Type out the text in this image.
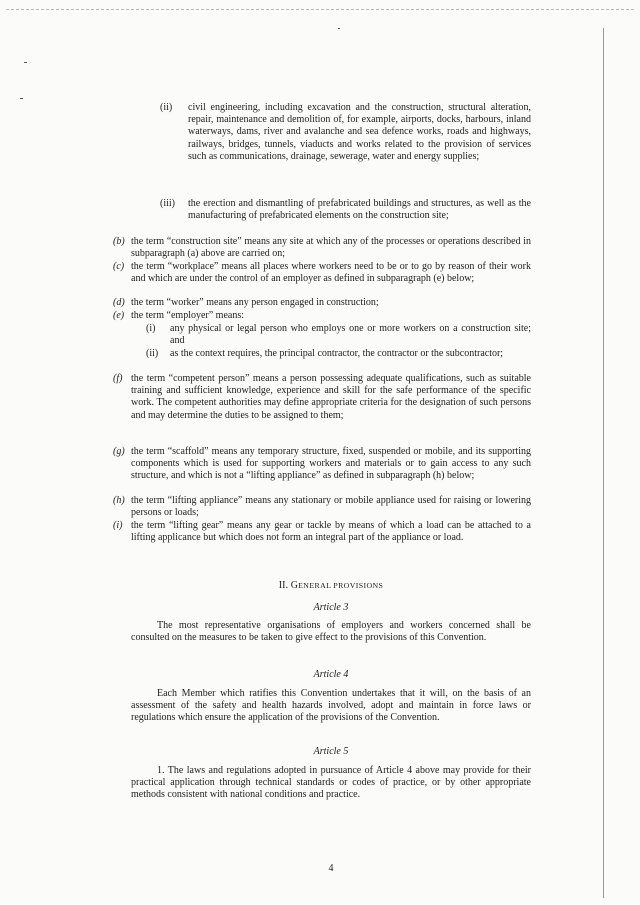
(ii) civil engineering, including excavation and the construction, structural alteration, repair, maintenance and demolition of, for example, airports, docks, harbours, inland waterways, dams, river and avalanche and sea defence works, roads and highways, railways, bridges, tunnels, viaducts and works related to the provision of services such as communications, drainage, sewerage, water and energy supplies;
(iii) the erection and dismantling of prefabricated buildings and structures, as well as the manufacturing of prefabricated elements on the construction site;
(b) the term “construction site” means any site at which any of the processes or operations described in subparagraph (a) above are carried on;
(c) the term “workplace” means all places where workers need to be or to go by reason of their work and which are under the control of an employer as defined in subparagraph (e) below;
(d) the term “worker” means any person engaged in construction;
(e) the term “employer” means:
(i) any physical or legal person who employs one or more workers on a construction site; and
(ii) as the context requires, the principal contractor, the contractor or the subcontractor;
(f) the term “competent person” means a person possessing adequate qualifications, such as suitable training and sufficient knowledge, experience and skill for the safe performance of the specific work. The competent authorities may define appropriate criteria for the designation of such persons and may determine the duties to be assigned to them;
(g) the term “scaffold” means any temporary structure, fixed, suspended or mobile, and its supporting components which is used for supporting workers and materials or to gain access to any such structure, and which is not a “lifting appliance” as defined in subparagraph (h) below;
(h) the term “lifting appliance” means any stationary or mobile appliance used for raising or lowering persons or loads;
(i) the term “lifting gear” means any gear or tackle by means of which a load can be attached to a lifting applicance but which does not form an integral part of the appliance or load.
II. GENERAL PROVISIONS
Article 3
The most representative organisations of employers and workers concerned shall be consulted on the measures to be taken to give effect to the provisions of this Convention.
Article 4
Each Member which ratifies this Convention undertakes that it will, on the basis of an assessment of the safety and health hazards involved, adopt and maintain in force laws or regulations which ensure the application of the provisions of the Convention.
Article 5
1. The laws and regulations adopted in pursuance of Article 4 above may provide for their practical application through technical standards or codes of practice, or by other appropriate methods consistent with national conditions and practice.
4
